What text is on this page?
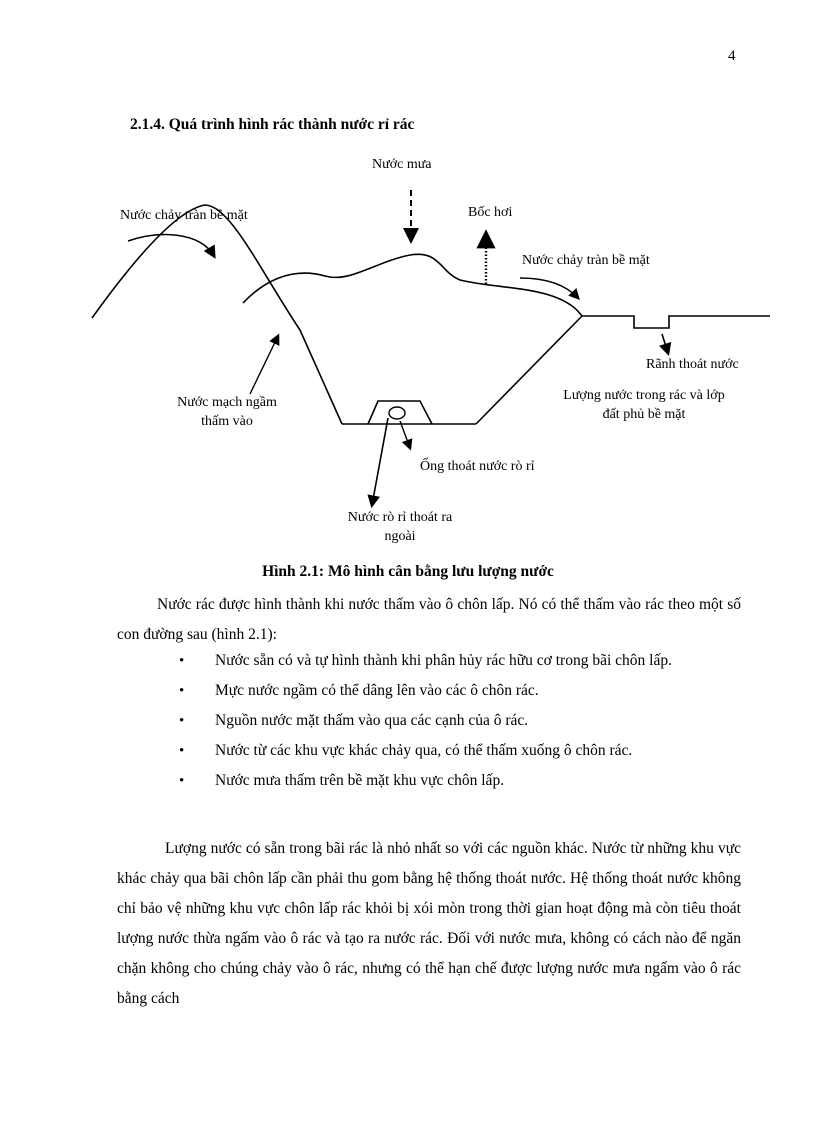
4
2.1.4. Quá trình hình rác thành nước rỉ rác
Nước mưa
Bốc hơi
Nước chảy tràn bề mặt
Nước chảy tràn bề mặt
Rãnh thoát nước
Nước mạch ngầm
thấm vào
Lượng nước trong rác và lớp
đất phủ bề mặt
Ống thoát nước rò rỉ
Nước rò rỉ thoát ra
ngoài
Hình 2.1: Mô hình cân bằng lưu lượng nước

Nước rác được hình thành khi nước thấm vào ô chôn lấp. Nó có thể thấm vào rác theo một số con đường sau (hình 2.1):

• Nước sẵn có và tự hình thành khi phân hủy rác hữu cơ trong bãi chôn lấp.
• Mực nước ngầm có thể dâng lên vào các ô chôn rác.
• Nguồn nước mặt thấm vào qua các cạnh của ô rác.
• Nước từ các khu vực khác chảy qua, có thể thấm xuống ô chôn rác.
• Nước mưa thấm trên bề mặt khu vực chôn lấp.

Lượng nước có sẵn trong bãi rác là nhỏ nhất so với các nguồn khác. Nước từ những khu vực khác chảy qua bãi chôn lấp cần phải thu gom bằng hệ thống thoát nước. Hệ thống thoát nước không chỉ bảo vệ những khu vực chôn lấp rác khỏi bị xói mòn trong thời gian hoạt động mà còn tiêu thoát lượng nước thừa ngấm vào ô rác và tạo ra nước rác. Đối với nước mưa, không có cách nào để ngăn chặn không cho chúng chảy vào ô rác, nhưng có thể hạn chế được lượng nước mưa ngấm vào ô rác bằng cách
